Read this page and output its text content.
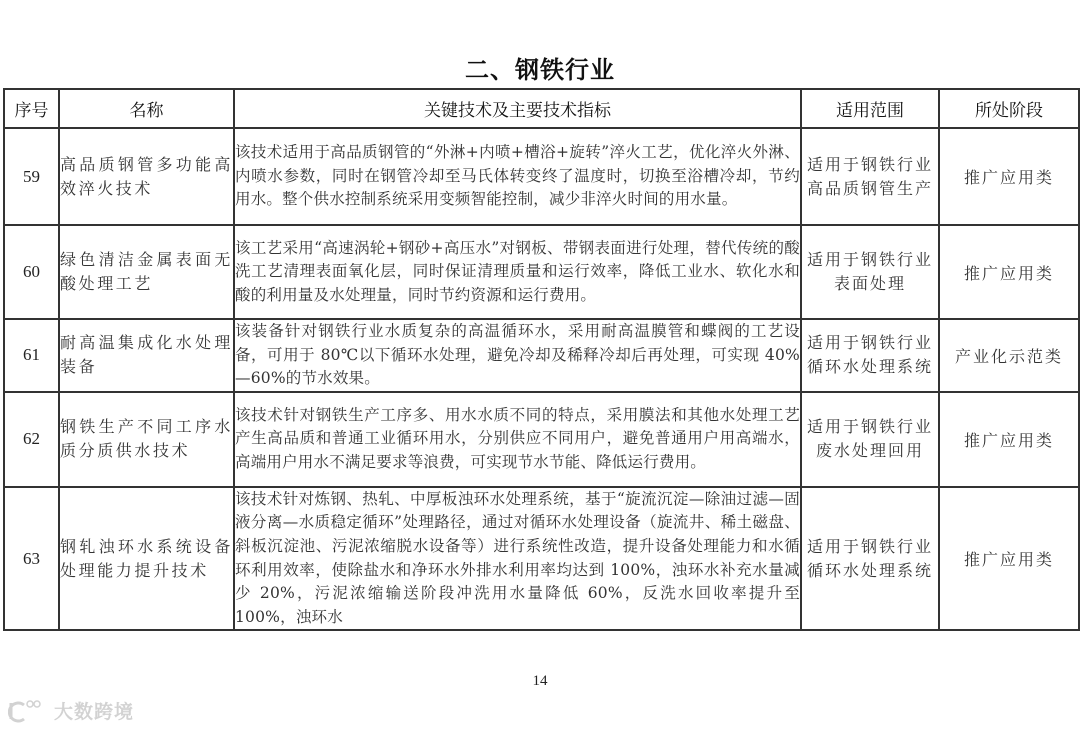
二、钢铁行业
序号	名称	关键技术及主要技术指标	适用范围	所处阶段
59	高品质钢管多功能高效淬火技术	该技术适用于高品质钢管的“外淋+内喷+槽浴+旋转”淬火工艺，优化淬火外淋、内喷水参数，同时在钢管冷却至马氏体转变终了温度时，切换至浴槽冷却，节约用水。整个供水控制系统采用变频智能控制，减少非淬火时间的用水量。	适用于钢铁行业高品质钢管生产	推广应用类
60	绿色清洁金属表面无酸处理工艺	该工艺采用“高速涡轮+钢砂+高压水”对钢板、带钢表面进行处理，替代传统的酸洗工艺清理表面氧化层，同时保证清理质量和运行效率，降低工业水、软化水和酸的利用量及水处理量，同时节约资源和运行费用。	适用于钢铁行业表面处理	推广应用类
61	耐高温集成化水处理装备	该装备针对钢铁行业水质复杂的高温循环水，采用耐高温膜管和蝶阀的工艺设备，可用于 80℃以下循环水处理，避免冷却及稀释冷却后再处理，可实现 40%—60%的节水效果。	适用于钢铁行业循环水处理系统	产业化示范类
62	钢铁生产不同工序水质分质供水技术	该技术针对钢铁生产工序多、用水水质不同的特点，采用膜法和其他水处理工艺产生高品质和普通工业循环用水，分别供应不同用户，避免普通用户用高端水，高端用户用水不满足要求等浪费，可实现节水节能、降低运行费用。	适用于钢铁行业废水处理回用	推广应用类
63	钢轧浊环水系统设备处理能力提升技术	该技术针对炼钢、热轧、中厚板浊环水处理系统，基于“旋流沉淀—除油过滤—固液分离—水质稳定循环”处理路径，通过对循环水处理设备（旋流井、稀土磁盘、斜板沉淀池、污泥浓缩脱水设备等）进行系统性改造，提升设备处理能力和水循环利用效率，使除盐水和净环水外排水利用率均达到 100%，浊环水补充水量减少 20%，污泥浓缩输送阶段冲洗用水量降低 60%，反洗水回收率提升至 100%，浊环水	适用于钢铁行业循环水处理系统	推广应用类
14
大数跨境
